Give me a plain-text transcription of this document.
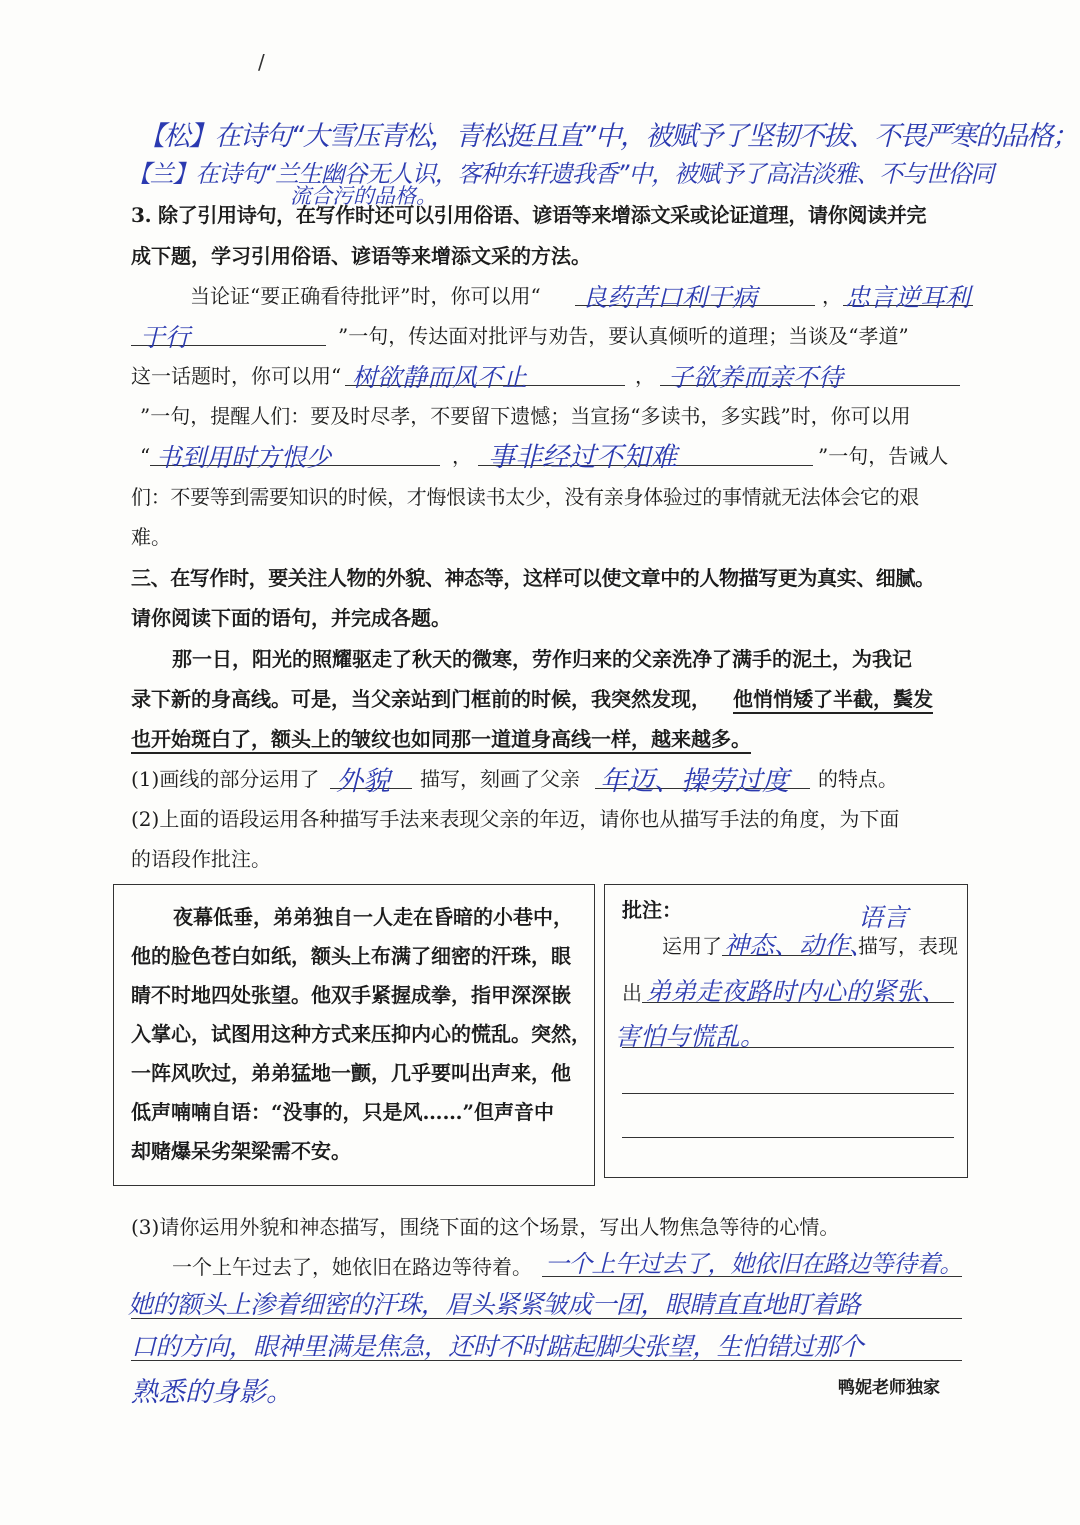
/
【松】在诗句“大雪压青松，青松挺且直”中，被赋予了坚韧不拔、不畏严寒的品格；
【兰】在诗句“兰生幽谷无人识，客种东轩遗我香”中，被赋予了高洁淡雅、不与世俗同
流合污的品格。
3. 除了引用诗句，在写作时还可以引用俗语、谚语等来增添文采或论证道理，请你阅读并完
成下题，学习引用俗语、谚语等来增添文采的方法。
当论证“要正确看待批评”时，你可以用“ 良药苦口利于病	， 忠言逆耳利
于行	”一句，传达面对批评与劝告，要认真倾听的道理；当谈及“孝道”
这一话题时，你可以用“ 树欲静而风不止	， 子欲养而亲不待
”一句，提醒人们：要及时尽孝，不要留下遗憾；当宣扬“多读书，多实践”时，你可以用
“ 书到用时方恨少	， 事非经过不知难	”一句，告诫人
们：不要等到需要知识的时候，才悔恨读书太少，没有亲身体验过的事情就无法体会它的艰
难。
三、在写作时，要关注人物的外貌、神态等，这样可以使文章中的人物描写更为真实、细腻。
请你阅读下面的语句，并完成各题。
那一日，阳光的照耀驱走了秋天的微寒，劳作归来的父亲洗净了满手的泥土，为我记
录下新的身高线。可是，当父亲站到门框前的时候，我突然发现， 他悄悄矮了半截，鬓发
也开始斑白了，额头上的皱纹也如同那一道道身高线一样，越来越多。
(1)画线的部分运用了 外貌 描写，刻画了父亲 年迈、操劳过度 的特点。
(2)上面的语段运用各种描写手法来表现父亲的年迈，请你也从描写手法的角度，为下面
的语段作批注。
夜幕低垂，弟弟独自一人走在昏暗的小巷中，
他的脸色苍白如纸，额头上布满了细密的汗珠，眼
睛不时地四处张望。他双手紧握成拳，指甲深深嵌
入掌心，试图用这种方式来压抑内心的慌乱。突然，
一阵风吹过，弟弟猛地一颤，几乎要叫出声来，他
低声喃喃自语：“没事的，只是风……”但声音中
却赌爆呆劣架梁需不安。
批注：	语言
运用了 神态、动作、
描写，表现
出 弟弟走夜路时内心的紧张、
害怕与慌乱。
(3)请你运用外貌和神态描写，围绕下面的这个场景，写出人物焦急等待的心情。
一个上午过去了，她依旧在路边等待着。 一个上午过去了，她依旧在路边等待着。
她的额头上渗着细密的汗珠，眉头紧紧皱成一团，眼睛直直地盯着路
口的方向，眼神里满是焦急，还时不时踮起脚尖张望，生怕错过那个
熟悉的身影。	鸭妮老师独家
